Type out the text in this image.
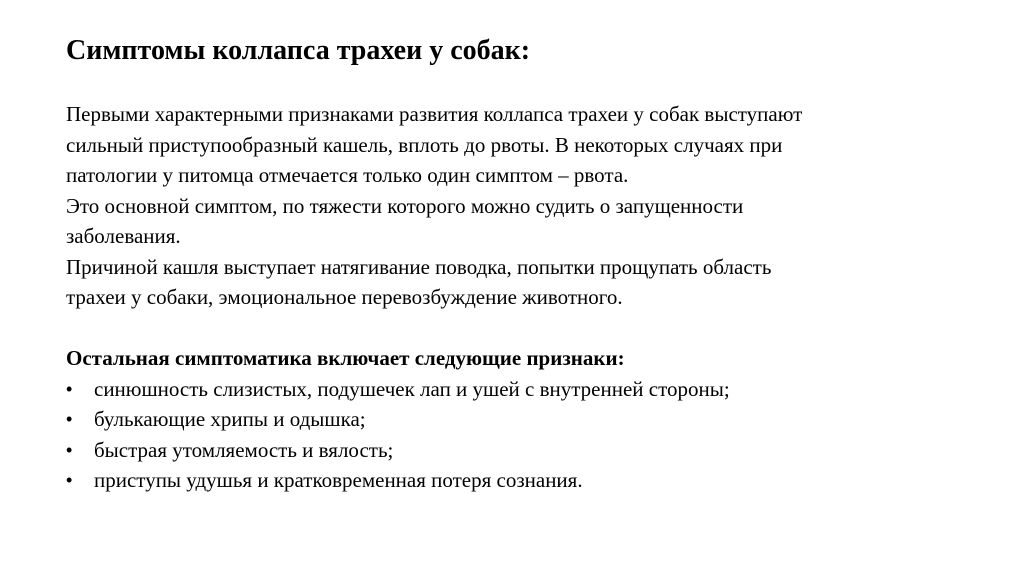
Симптомы коллапса трахеи у собак:
Первыми характерными признаками развития коллапса трахеи у собак выступают
сильный приступообразный кашель, вплоть до рвоты. В некоторых случаях при
патологии у питомца отмечается только один симптом – рвота.
Это основной симптом, по тяжести которого можно судить о запущенности
заболевания.
Причиной кашля выступает натягивание поводка, попытки прощупать область
трахеи у собаки, эмоциональное перевозбуждение животного.
Остальная симптоматика включает следующие признаки:
• синюшность слизистых, подушечек лап и ушей с внутренней стороны;
• булькающие хрипы и одышка;
• быстрая утомляемость и вялость;
• приступы удушья и кратковременная потеря сознания.
